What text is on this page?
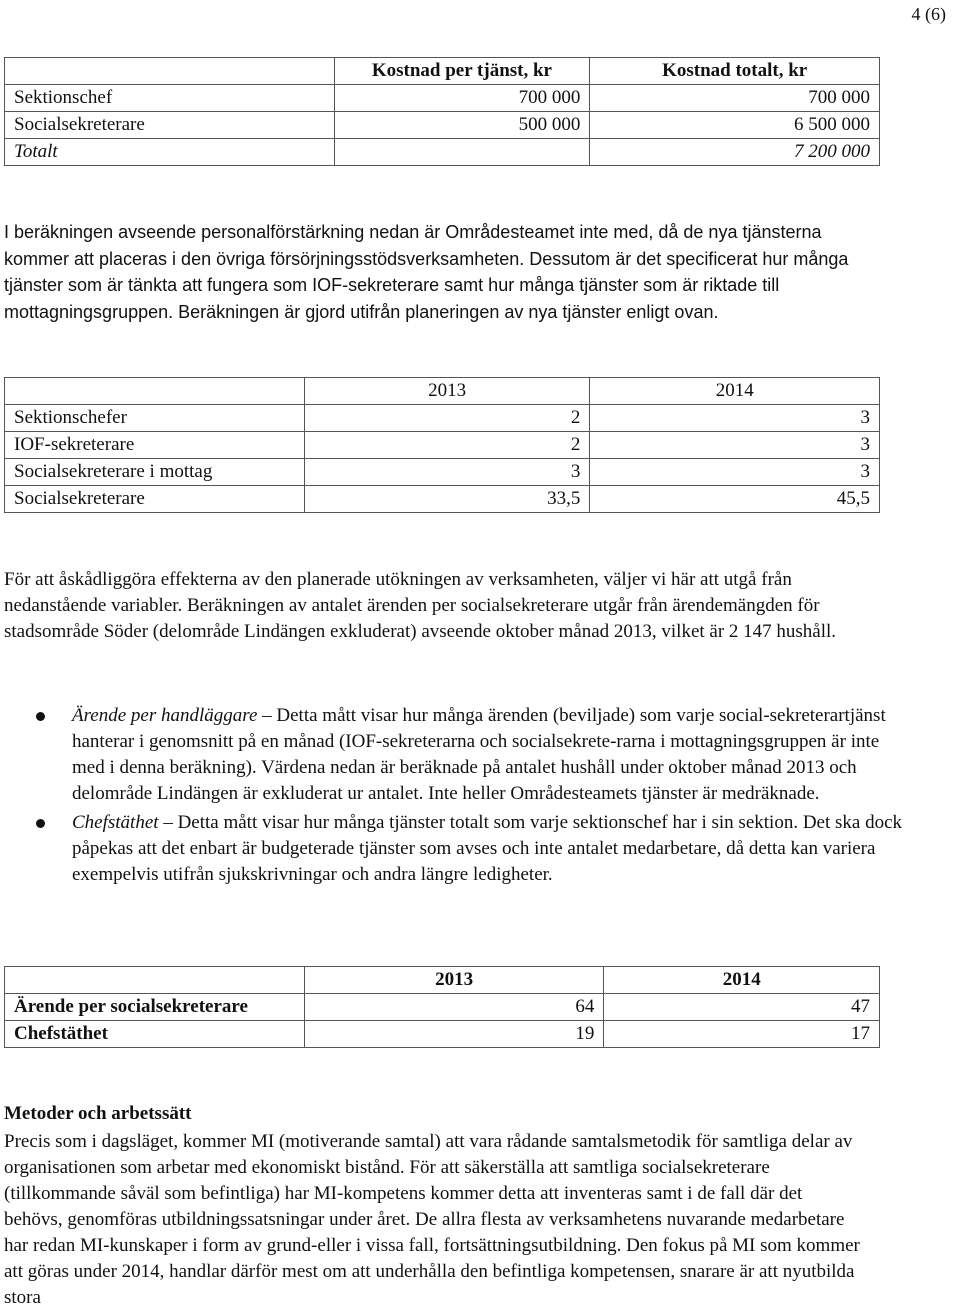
4 (6)
	Kostnad per tjänst, kr	Kostnad totalt, kr
Sektionschef	700 000	700 000
Socialsekreterare	500 000	6 500 000
Totalt		7 200 000

I beräkningen avseende personalförstärkning nedan är Områdesteamet inte med, då de nya tjänsterna kommer att placeras i den övriga försörjningsstödsverksamheten. Dessutom är det specificerat hur många tjänster som är tänkta att fungera som IOF-sekreterare samt hur många tjänster som är riktade till mottagningsgruppen. Beräkningen är gjord utifrån planeringen av nya tjänster enligt ovan.

	2013	2014
Sektionschefer	2	3
IOF-sekreterare	2	3
Socialsekreterare i mottag	3	3
Socialsekreterare	33,5	45,5

För att åskådliggöra effekterna av den planerade utökningen av verksamheten, väljer vi här att utgå från nedanstående variabler. Beräkningen av antalet ärenden per socialsekreterare utgår från ärendemängden för stadsområde Söder (delområde Lindängen exkluderat) avseende oktober månad 2013, vilket är 2 147 hushåll.

Ärende per handläggare – Detta mått visar hur många ärenden (beviljade) som varje social-sekreterartjänst hanterar i genomsnitt på en månad (IOF-sekreterarna och socialsekrete-rarna i mottagningsgruppen är inte med i denna beräkning). Värdena nedan är beräknade på antalet hushåll under oktober månad 2013 och delområde Lindängen är exkluderat ur antalet. Inte heller Områdesteamets tjänster är medräknade.
Chefstäthet – Detta mått visar hur många tjänster totalt som varje sektionschef har i sin sektion. Det ska dock påpekas att det enbart är budgeterade tjänster som avses och inte antalet medarbetare, då detta kan variera exempelvis utifrån sjukskrivningar och andra längre ledigheter.
	2013	2014
Ärende per socialsekreterare	64	47
Chefstäthet	19	17
Metoder och arbetssätt

Precis som i dagsläget, kommer MI (motiverande samtal) att vara rådande samtalsmetodik för samtliga delar av organisationen som arbetar med ekonomiskt bistånd. För att säkerställa att samtliga socialsekreterare (tillkommande såväl som befintliga) har MI-kompetens kommer detta att inventeras samt i de fall där det behövs, genomföras utbildningssatsningar under året. De allra flesta av verksamhetens nuvarande medarbetare har redan MI-kunskaper i form av grund-eller i vissa fall, fortsättningsutbildning. Den fokus på MI som kommer att göras under 2014, handlar därför mest om att underhålla den befintliga kompetensen, snarare är att nyutbilda stora
